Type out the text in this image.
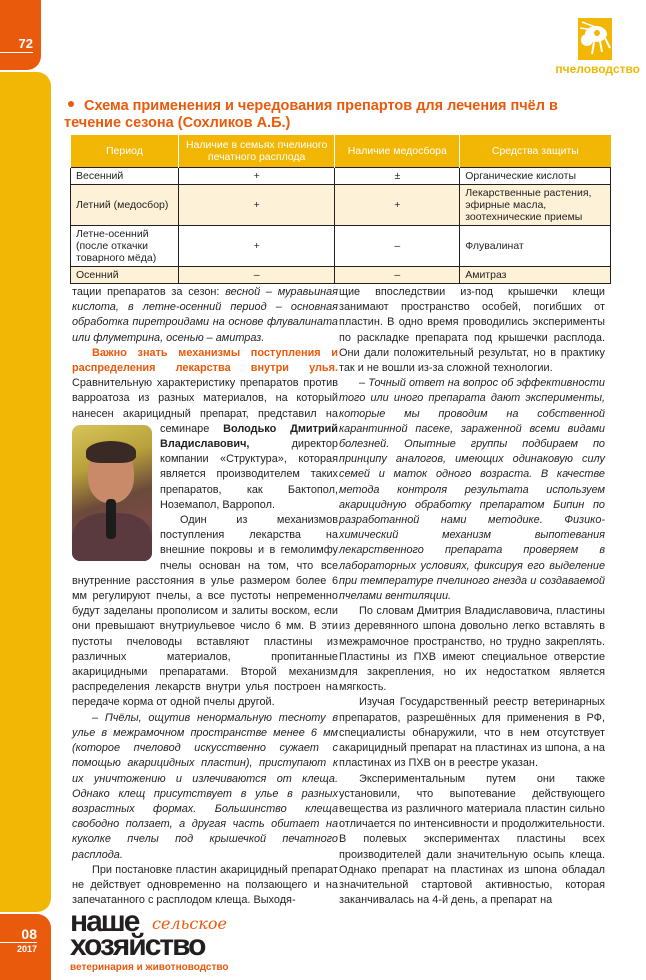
72
08
2017
пчеловодство
Схема применения и чередования препартов для лечения пчёл в течение сезона (Сохликов А.Б.)
Период	Наличие в семьях пчелиного печатного расплода	Наличие медосбора	Средства защиты
Весенний	+	±	Органические кислоты
Летний (медосбор)	+	+	Лекарственные растения, эфирные масла, зоотехнические приемы
Летне-осенний (после откачки товарного мёда)	+	–	Флувалинат
Осенний	–	–	Амитраз

тации препаратов за сезон: весной – муравьиная кислота, в летне-осенний период – основная обработка пиретроидами на основе флувалината или флуметрина, осенью – амитраз.

Важно знать механизмы поступления и распределения лекарства внутри улья. Сравнительную характеристику препаратов против варроатоза из разных материалов, на который нанесен акарицидный препарат, представил на семинаре
Володько Дмитрий Владиславович, директор компании «Структура», которая является производителем таких препаратов, как Бактопол, Ноземапол, Варропол.

Один из механизмов поступления лекарства на внешние покровы и в гемолимфу пчелы основан на том, что все внутренние расстояния в улье размером более 6 мм регулируют пчелы, а все пустоты непременно будут заделаны прополисом и залиты воском, если они превышают внутриульевое число 6 мм. В эти пустоты пчеловоды вставляют пластины из различных материалов, пропитанные акарицидными препаратами. Второй механизм распределения лекарств внутри улья построен на передаче корма от одной пчелы другой.

– Пчёлы, ощутив ненормальную тесноту в улье в межрамочном пространстве менее 6 мм (которое пчеловод искусственно сужает с помощью акарицидных пластин), приступают к их уничтожению и излечиваются от клеща. Однако клещ присутствует в улье в разных возрастных формах. Большинство клеща свободно ползает, а другая часть обитает на куколке пчелы под крышечкой печатного расплода.

При постановке пластин акарицидный препарат не действует одновременно на ползающего и на запечатанного с расплодом клеща. Выходя-

щие впоследствии из-под крышечки клещи занимают пространство особей, погибших от пластин. В одно время проводились эксперименты по раскладке препарата под крышечки расплода. Они дали положительный результат, но в практику так и не вошли из-за сложной технологии.

– Точный ответ на вопрос об эффективности того или иного препарата дают эксперименты, которые мы проводим на собственной карантинной пасеке, зараженной всеми видами болезней. Опытные группы подбираем по принципу аналогов, имеющих одинаковую силу семей и маток одного возраста. В качестве метода контроля результата используем акарицидную обработку препаратом Бипин по разработанной нами методике. Физико-химический механизм выпотевания лекарственного препарата проверяем в лабораторных условиях, фиксируя его выделение при температуре пчелиного гнезда и создаваемой пчелами вентиляции.

По словам Дмитрия Владиславовича, пластины из деревянного шпона довольно легко вставлять в межрамочное пространство, но трудно закреплять. Пластины из ПХВ имеют специальное отверстие для закрепления, но их недостатком является мягкость.

Изучая Государственный реестр ветеринарных препаратов, разрешённых для применения в РФ, специалисты обнаружили, что в нем отсутствует акарицидный препарат на пластинах из шпона, а на пластинах из ПХВ он в реестре указан.

Экспериментальным путем они также установили, что выпотевание действующего вещества из различного материала пластин сильно отличается по интенсивности и продолжительности. В полевых экспериментах пластины всех производителей дали значительную осыпь клеща. Однако препарат на пластинах из шпона обладал значительной стартовой активностью, которая заканчивалась на 4-й день, а препарат на

наше сельское
хозяйство
ветеринария и животноводство
